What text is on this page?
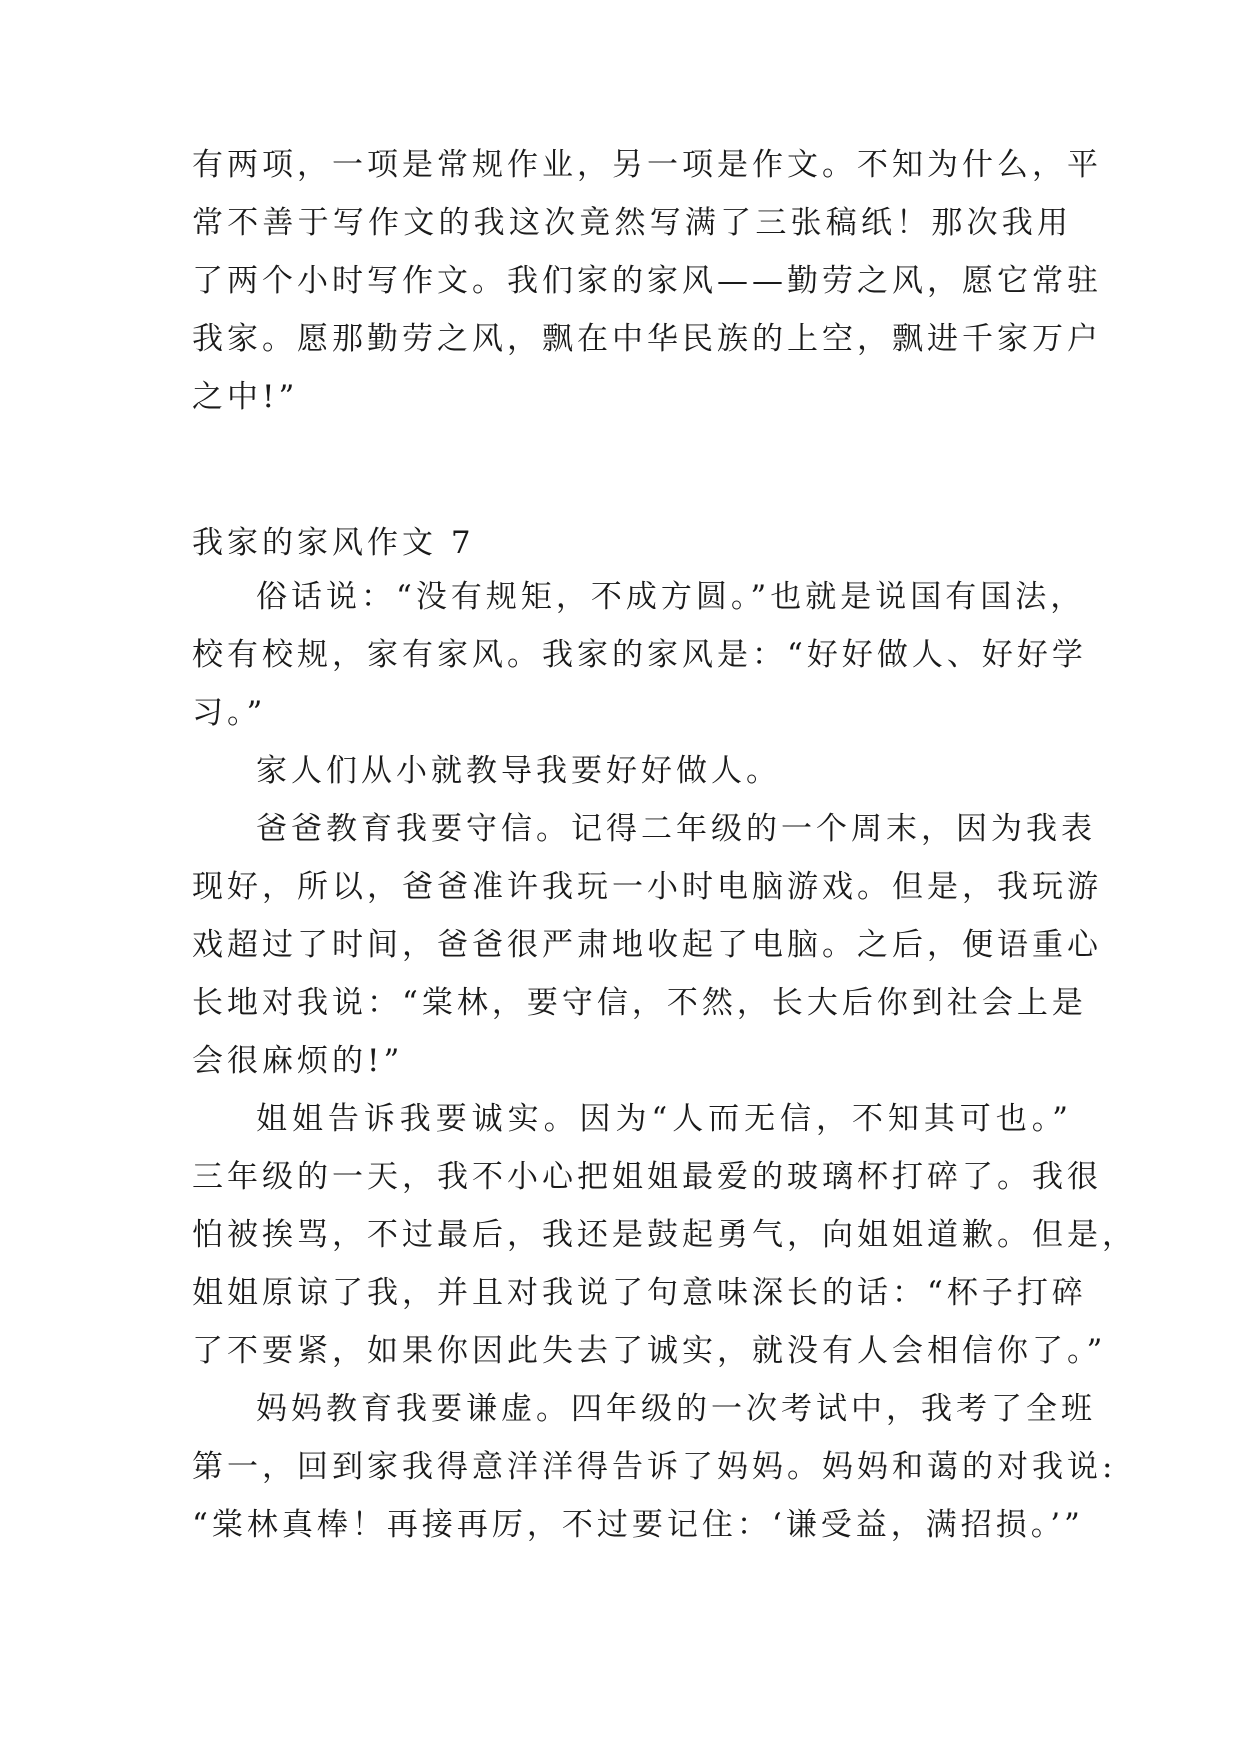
有两项，一项是常规作业，另一项是作文。不知为什么，平
常不善于写作文的我这次竟然写满了三张稿纸！那次我用
了两个小时写作文。我们家的家风——勤劳之风，愿它常驻
我家。愿那勤劳之风，飘在中华民族的上空，飘进千家万户
之中!”
我家的家风作文 7
俗话说：“没有规矩，不成方圆。”也就是说国有国法，
校有校规，家有家风。我家的家风是：“好好做人、好好学
习。”
家人们从小就教导我要好好做人。
爸爸教育我要守信。记得二年级的一个周末，因为我表
现好，所以，爸爸准许我玩一小时电脑游戏。但是，我玩游
戏超过了时间，爸爸很严肃地收起了电脑。之后，便语重心
长地对我说：“棠林，要守信，不然，长大后你到社会上是
会很麻烦的!”
姐姐告诉我要诚实。因为“人而无信，不知其可也。”
三年级的一天，我不小心把姐姐最爱的玻璃杯打碎了。我很
怕被挨骂，不过最后，我还是鼓起勇气，向姐姐道歉。但是，
姐姐原谅了我，并且对我说了句意味深长的话：“杯子打碎
了不要紧，如果你因此失去了诚实，就没有人会相信你了。”
妈妈教育我要谦虚。四年级的一次考试中，我考了全班
第一，回到家我得意洋洋得告诉了妈妈。妈妈和蔼的对我说:
“棠林真棒！再接再厉，不过要记住：‘谦受益，满招损。’”
